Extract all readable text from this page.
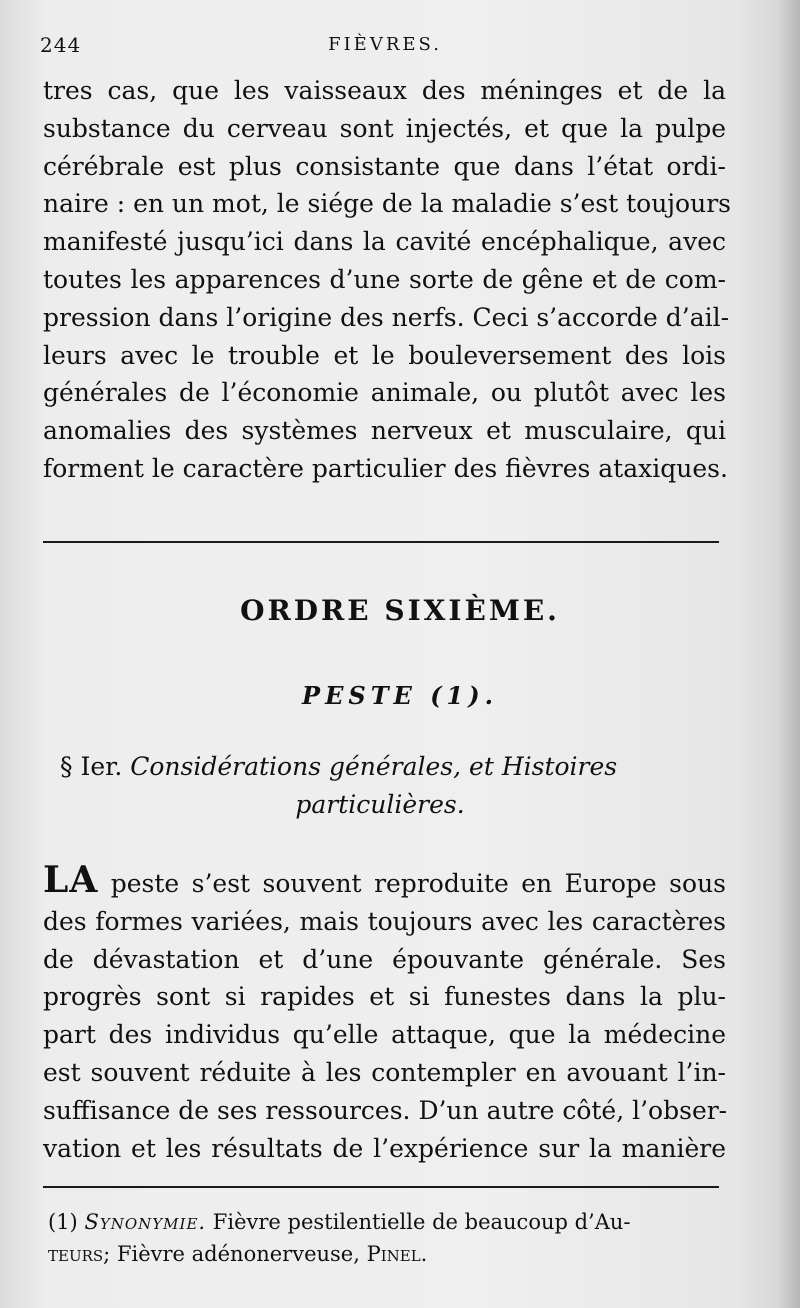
244	FIÈVRES.
tres cas, que les vaisseaux des méninges et de la
substance du cerveau sont injectés, et que la pulpe
cérébrale est plus consistante que dans l’état ordi-
naire : en un mot, le siége de la maladie s’est toujours
manifesté jusqu’ici dans la cavité encéphalique, avec
toutes les apparences d’une sorte de gêne et de com-
pression dans l’origine des nerfs. Ceci s’accorde d’ail-
leurs avec le trouble et le bouleversement des lois
générales de l’économie animale, ou plutôt avec les
anomalies des systèmes nerveux et musculaire, qui
forment le caractère particulier des fièvres ataxiques.
ORDRE SIXIÈME.
PESTE (1).
§ Ier. Considérations générales, et Histoires
particulières.
LA peste s’est souvent reproduite en Europe sous
des formes variées, mais toujours avec les caractères
de dévastation et d’une épouvante générale. Ses
progrès sont si rapides et si funestes dans la plu-
part des individus qu’elle attaque, que la médecine
est souvent réduite à les contempler en avouant l’in-
suffisance de ses ressources. D’un autre côté, l’obser-
vation et les résultats de l’expérience sur la manière
(1) Synonymie. Fièvre pestilentielle de beaucoup d’Au-
teurs; Fièvre adénonerveuse, Pinel.
